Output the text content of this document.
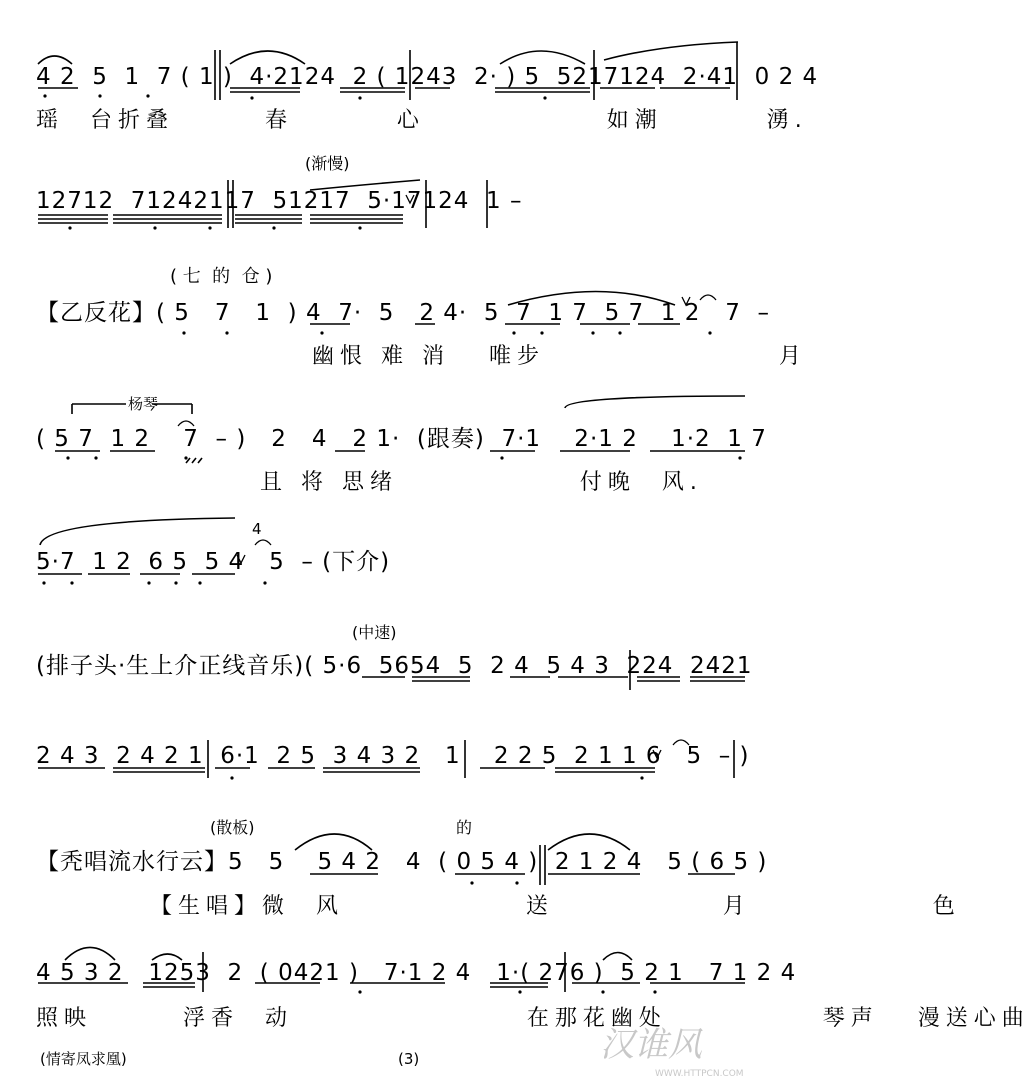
4 2  5  1  7 ( 1 )  4·2124  2 ( 1243  2· ) 5  5217124  2·41  0 2 4
瑶  台折叠       春        心              如潮        湧.
(渐慢)
12712  71242117  51217  5·17124  1 –
( 七  的  仓 )
【乙反花】( 5   7   1  ) 4  7·  5   2 4·  5  7  1 7  5 7  1 2   7  –
幽恨 难 消   唯步                  月
杨琴
( 5 7  1 2    7  – )   2   4   2 1·  (跟奏)  7·1    2·1 2    1·2  1 7
且 将 思绪              付晚  风.
4
5·7  1 2  6 5  5 4   5  – (下介)
(中速)
(排子头·生上介正线音乐)( 5·6  5654  5  2 4  5 4 3  224  2421
2 4 3  2 4 2 1  6·1  2 5  3 4 3 2   1    2 2 5  2 1 1 6   5  – )
(散板)	的
【秃唱流水行云】5   5    5 4 2   4  ( 0 5 4 )  2 1 2 4   5 ( 6 5 )
【生唱】微  风              送             月              色
4 5 3 2   1253  2  ( 0421 )   7·1 2 4   1·( 276 )  5 2 1   7 1 2 4
照映       浮香  动                  在那花幽处            琴声   漫送心曲
(情寄凤求凰)	(3)	汉谁风
WWW.HTTPCN.COM
